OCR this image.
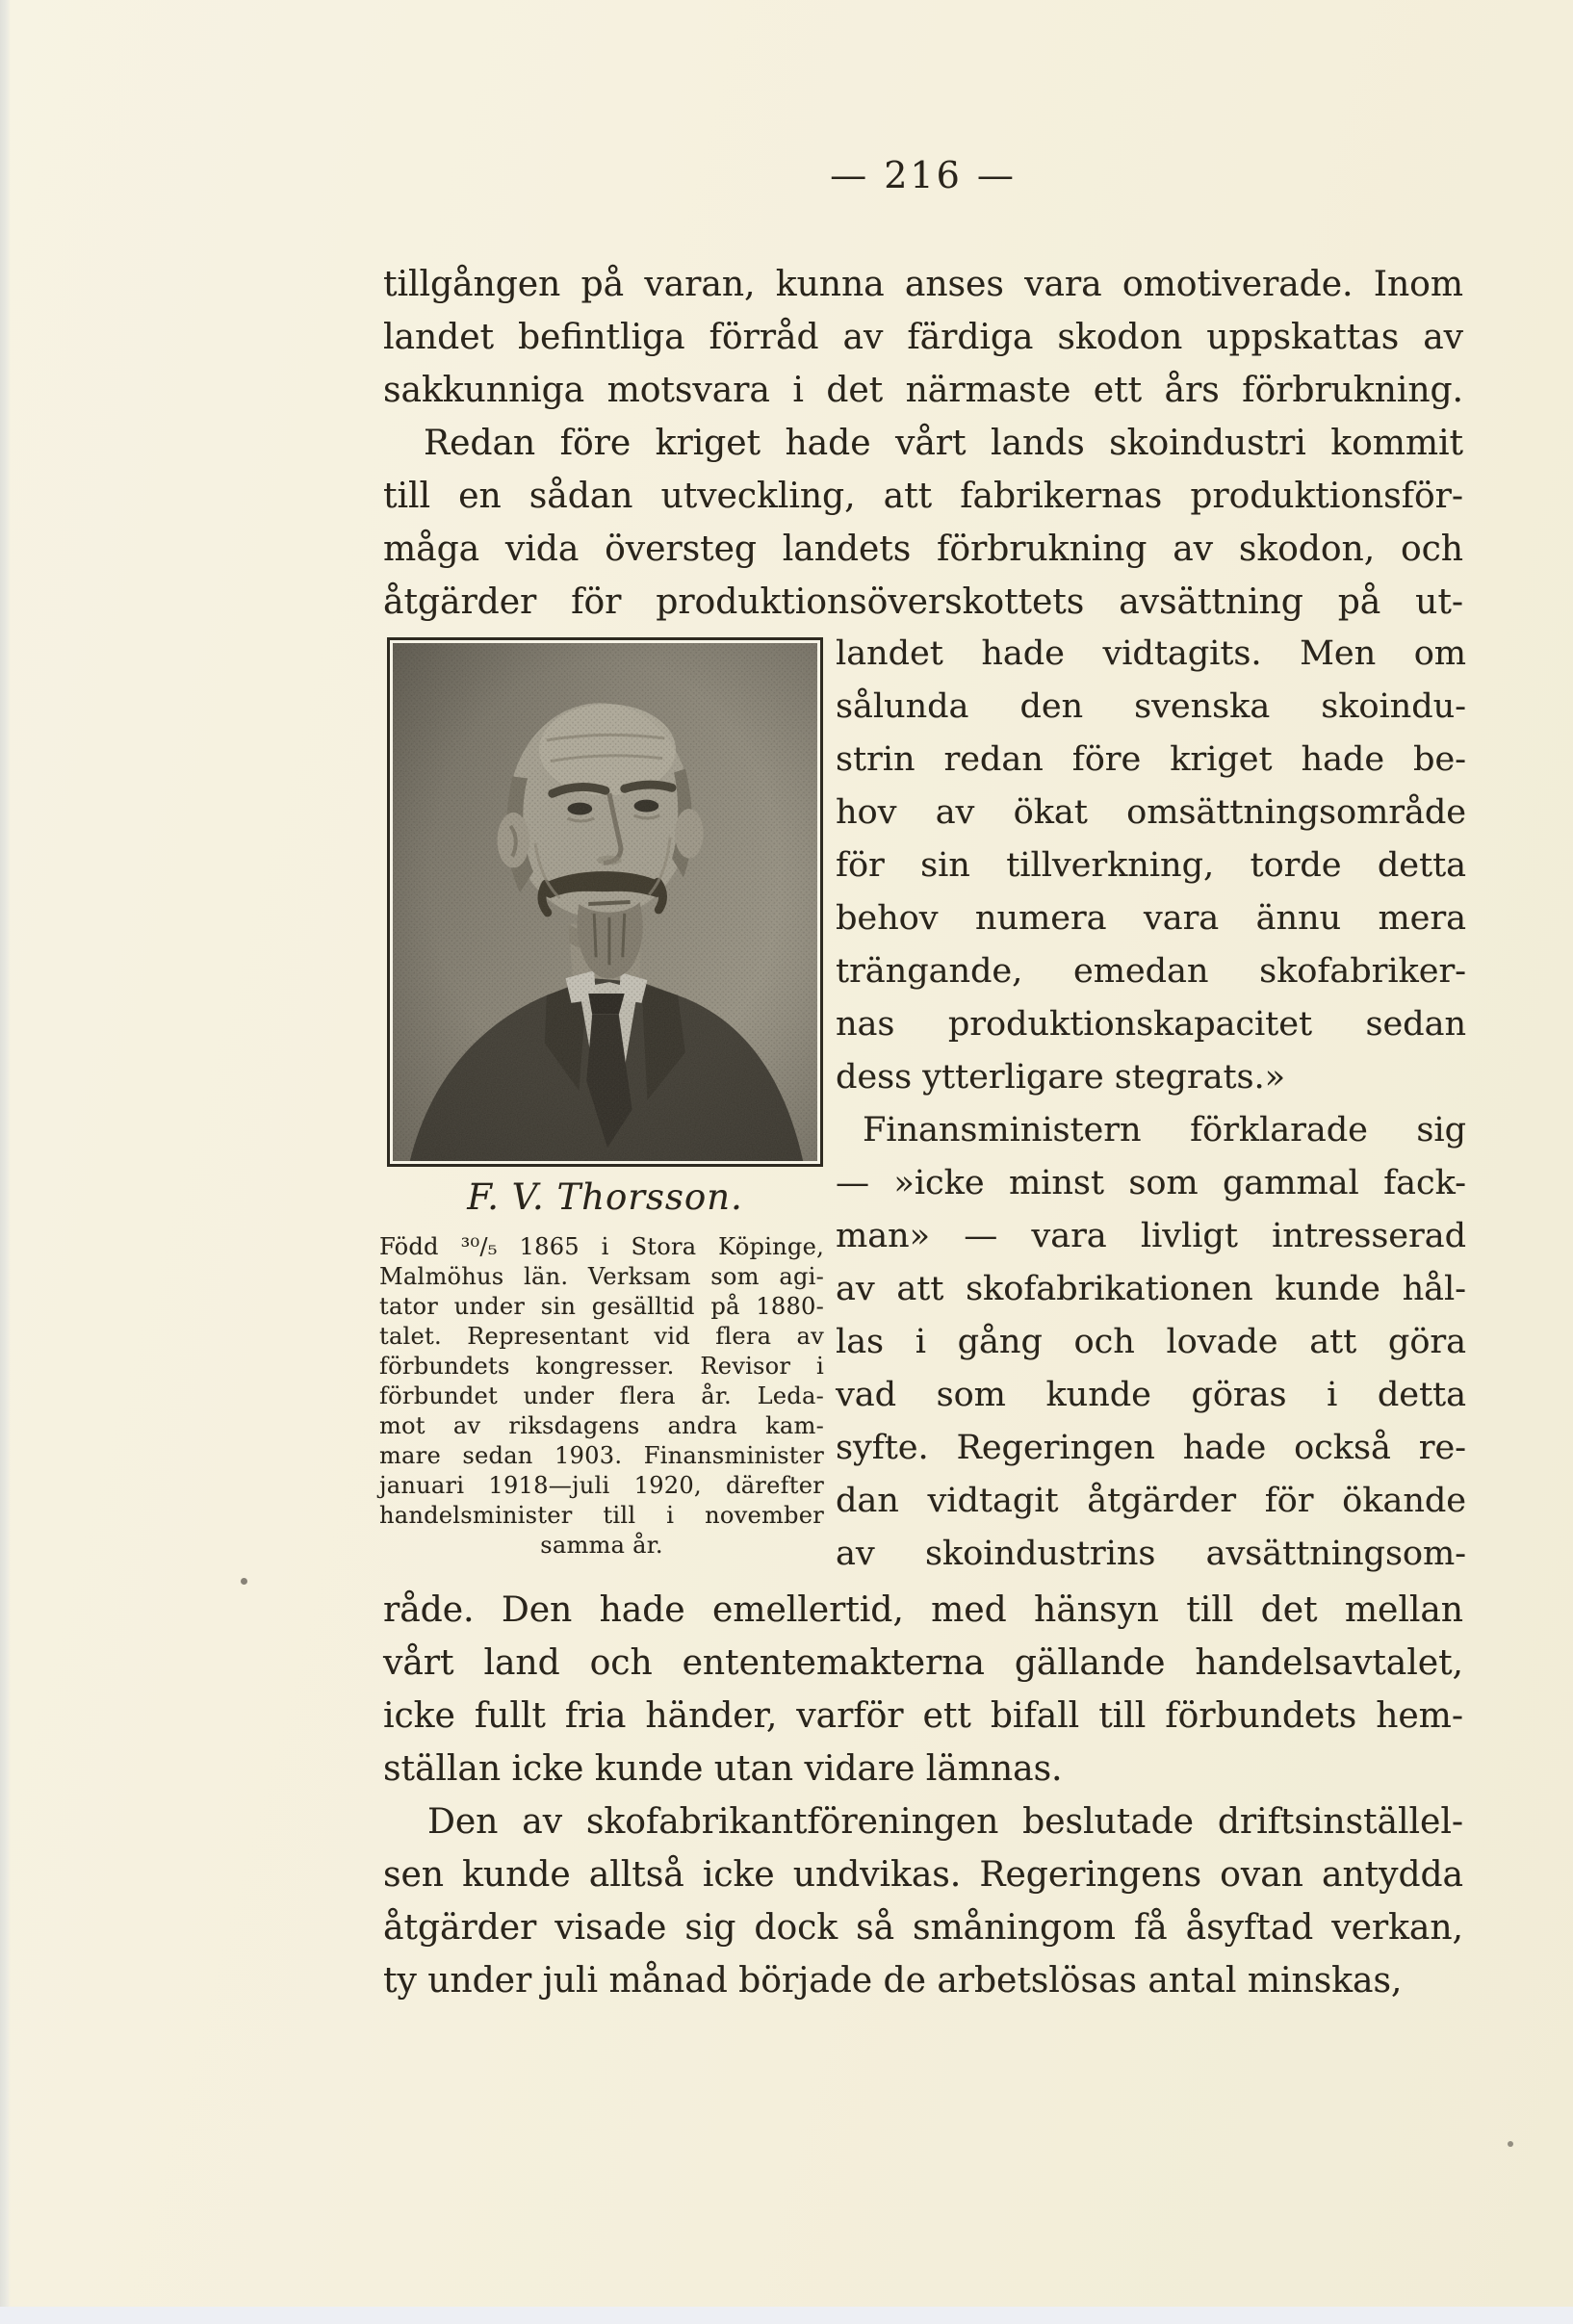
— 216 —
tillgången på varan, kunna anses vara omotiverade. Inom
landet befintliga förråd av färdiga skodon uppskattas av
sakkunniga motsvara i det närmaste ett års förbrukning.
Redan före kriget hade vårt lands skoindustri kommit
till en sådan utveckling, att fabrikernas produktionsför-
måga vida översteg landets förbrukning av skodon, och
åtgärder för produktionsöverskottets avsättning på ut-
F. V. Thorsson.
Född ³⁰/₅ 1865 i Stora Köpinge,
Malmöhus län. Verksam som agi-
tator under sin gesälltid på 1880-
talet. Representant vid flera av
förbundets kongresser. Revisor i
förbundet under flera år. Leda-
mot av riksdagens andra kam-
mare sedan 1903. Finansminister
januari 1918—juli 1920, därefter
handelsminister till i november
samma år.
landet hade vidtagits. Men om
sålunda den svenska skoindu-
strin redan före kriget hade be-
hov av ökat omsättningsområde
för sin tillverkning, torde detta
behov numera vara ännu mera
trängande, emedan skofabriker-
nas produktionskapacitet sedan
dess ytterligare stegrats.»
Finansministern förklarade sig
— »icke minst som gammal fack-
man» — vara livligt intresserad
av att skofabrikationen kunde hål-
las i gång och lovade att göra
vad som kunde göras i detta
syfte. Regeringen hade också re-
dan vidtagit åtgärder för ökande
av skoindustrins avsättningsom-
råde. Den hade emellertid, med hänsyn till det mellan
vårt land och ententemakterna gällande handelsavtalet,
icke fullt fria händer, varför ett bifall till förbundets hem-
ställan icke kunde utan vidare lämnas.
Den av skofabrikantföreningen beslutade driftsinställel-
sen kunde alltså icke undvikas. Regeringens ovan antydda
åtgärder visade sig dock så småningom få åsyftad verkan,
ty under juli månad började de arbetslösas antal minskas,
